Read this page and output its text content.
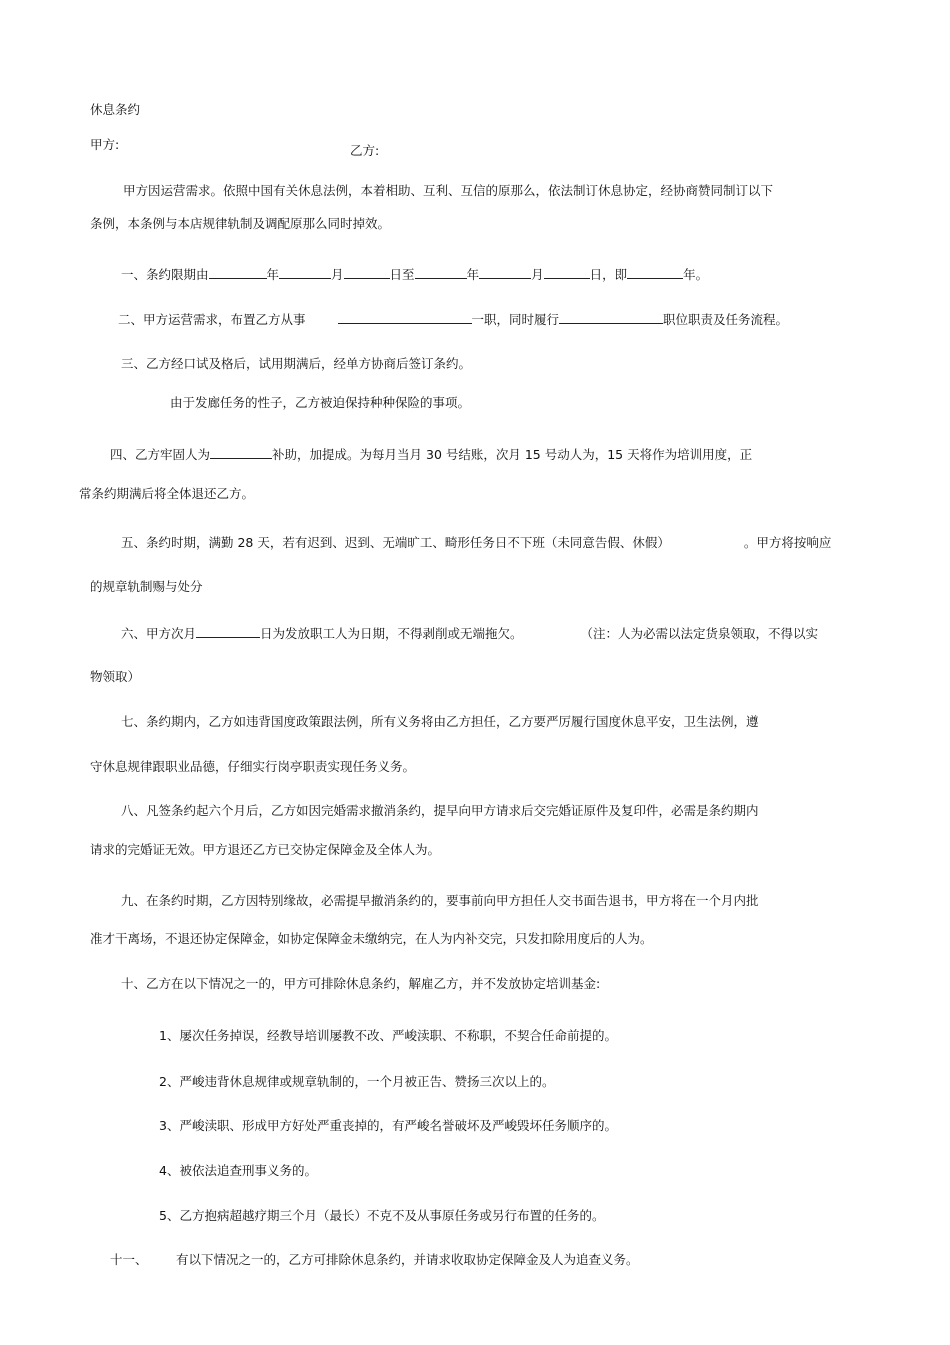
休息条约
甲方:	乙方:
甲方因运营需求。依照中国有关休息法例，本着相助、互利、互信的原那么，依法制订休息协定，经协商赞同制订以下
条例，本条例与本店规律轨制及调配原那么同时掉效。
一、条约限期由	年	月	日至	年	月	日，即	年。
二、甲方运营需求，布置乙方从事	一职，同时履行	职位职责及任务流程。
三、乙方经口试及格后，试用期满后，经单方协商后签订条约。
由于发廊任务的性子，乙方被迫保持种种保险的事项。
四、乙方牢固人为	补助，加提成。为每月当月 30 号结账，次月 15 号动人为，15 天将作为培训用度，正
常条约期满后将全体退还乙方。
五、条约时期，满勤 28 天，若有迟到、迟到、无端旷工、畸形任务日不下班（未同意告假、休假）	。甲方将按响应
的规章轨制赐与处分
六、甲方次月	日为发放职工人为日期，不得剥削或无端拖欠。	（注：人为必需以法定货泉领取，不得以实
物领取）
七、条约期内，乙方如违背国度政策跟法例，所有义务将由乙方担任，乙方要严厉履行国度休息平安，卫生法例，遵
守休息规律跟职业品德，仔细实行岗亭职责实现任务义务。
八、凡签条约起六个月后，乙方如因完婚需求撤消条约，提早向甲方请求后交完婚证原件及复印件，必需是条约期内
请求的完婚证无效。甲方退还乙方已交协定保障金及全体人为。
九、在条约时期，乙方因特别缘故，必需提早撤消条约的，要事前向甲方担任人交书面告退书，甲方将在一个月内批
准才干离场，不退还协定保障金，如协定保障金未缴纳完，在人为内补交完，只发扣除用度后的人为。
十、乙方在以下情况之一的，甲方可排除休息条约，解雇乙方，并不发放协定培训基金:
1、屡次任务掉误，经教导培训屡教不改、严峻渎职、不称职，不契合任命前提的。
2、严峻违背休息规律或规章轨制的，一个月被正告、赞扬三次以上的。
3、严峻渎职、形成甲方好处严重丧掉的，有严峻名誉破坏及严峻毁坏任务顺序的。
4、被依法追查刑事义务的。
5、乙方抱病超越疗期三个月（最长）不克不及从事原任务或另行布置的任务的。
十一、 有以下情况之一的，乙方可排除休息条约，并请求收取协定保障金及人为追查义务。
